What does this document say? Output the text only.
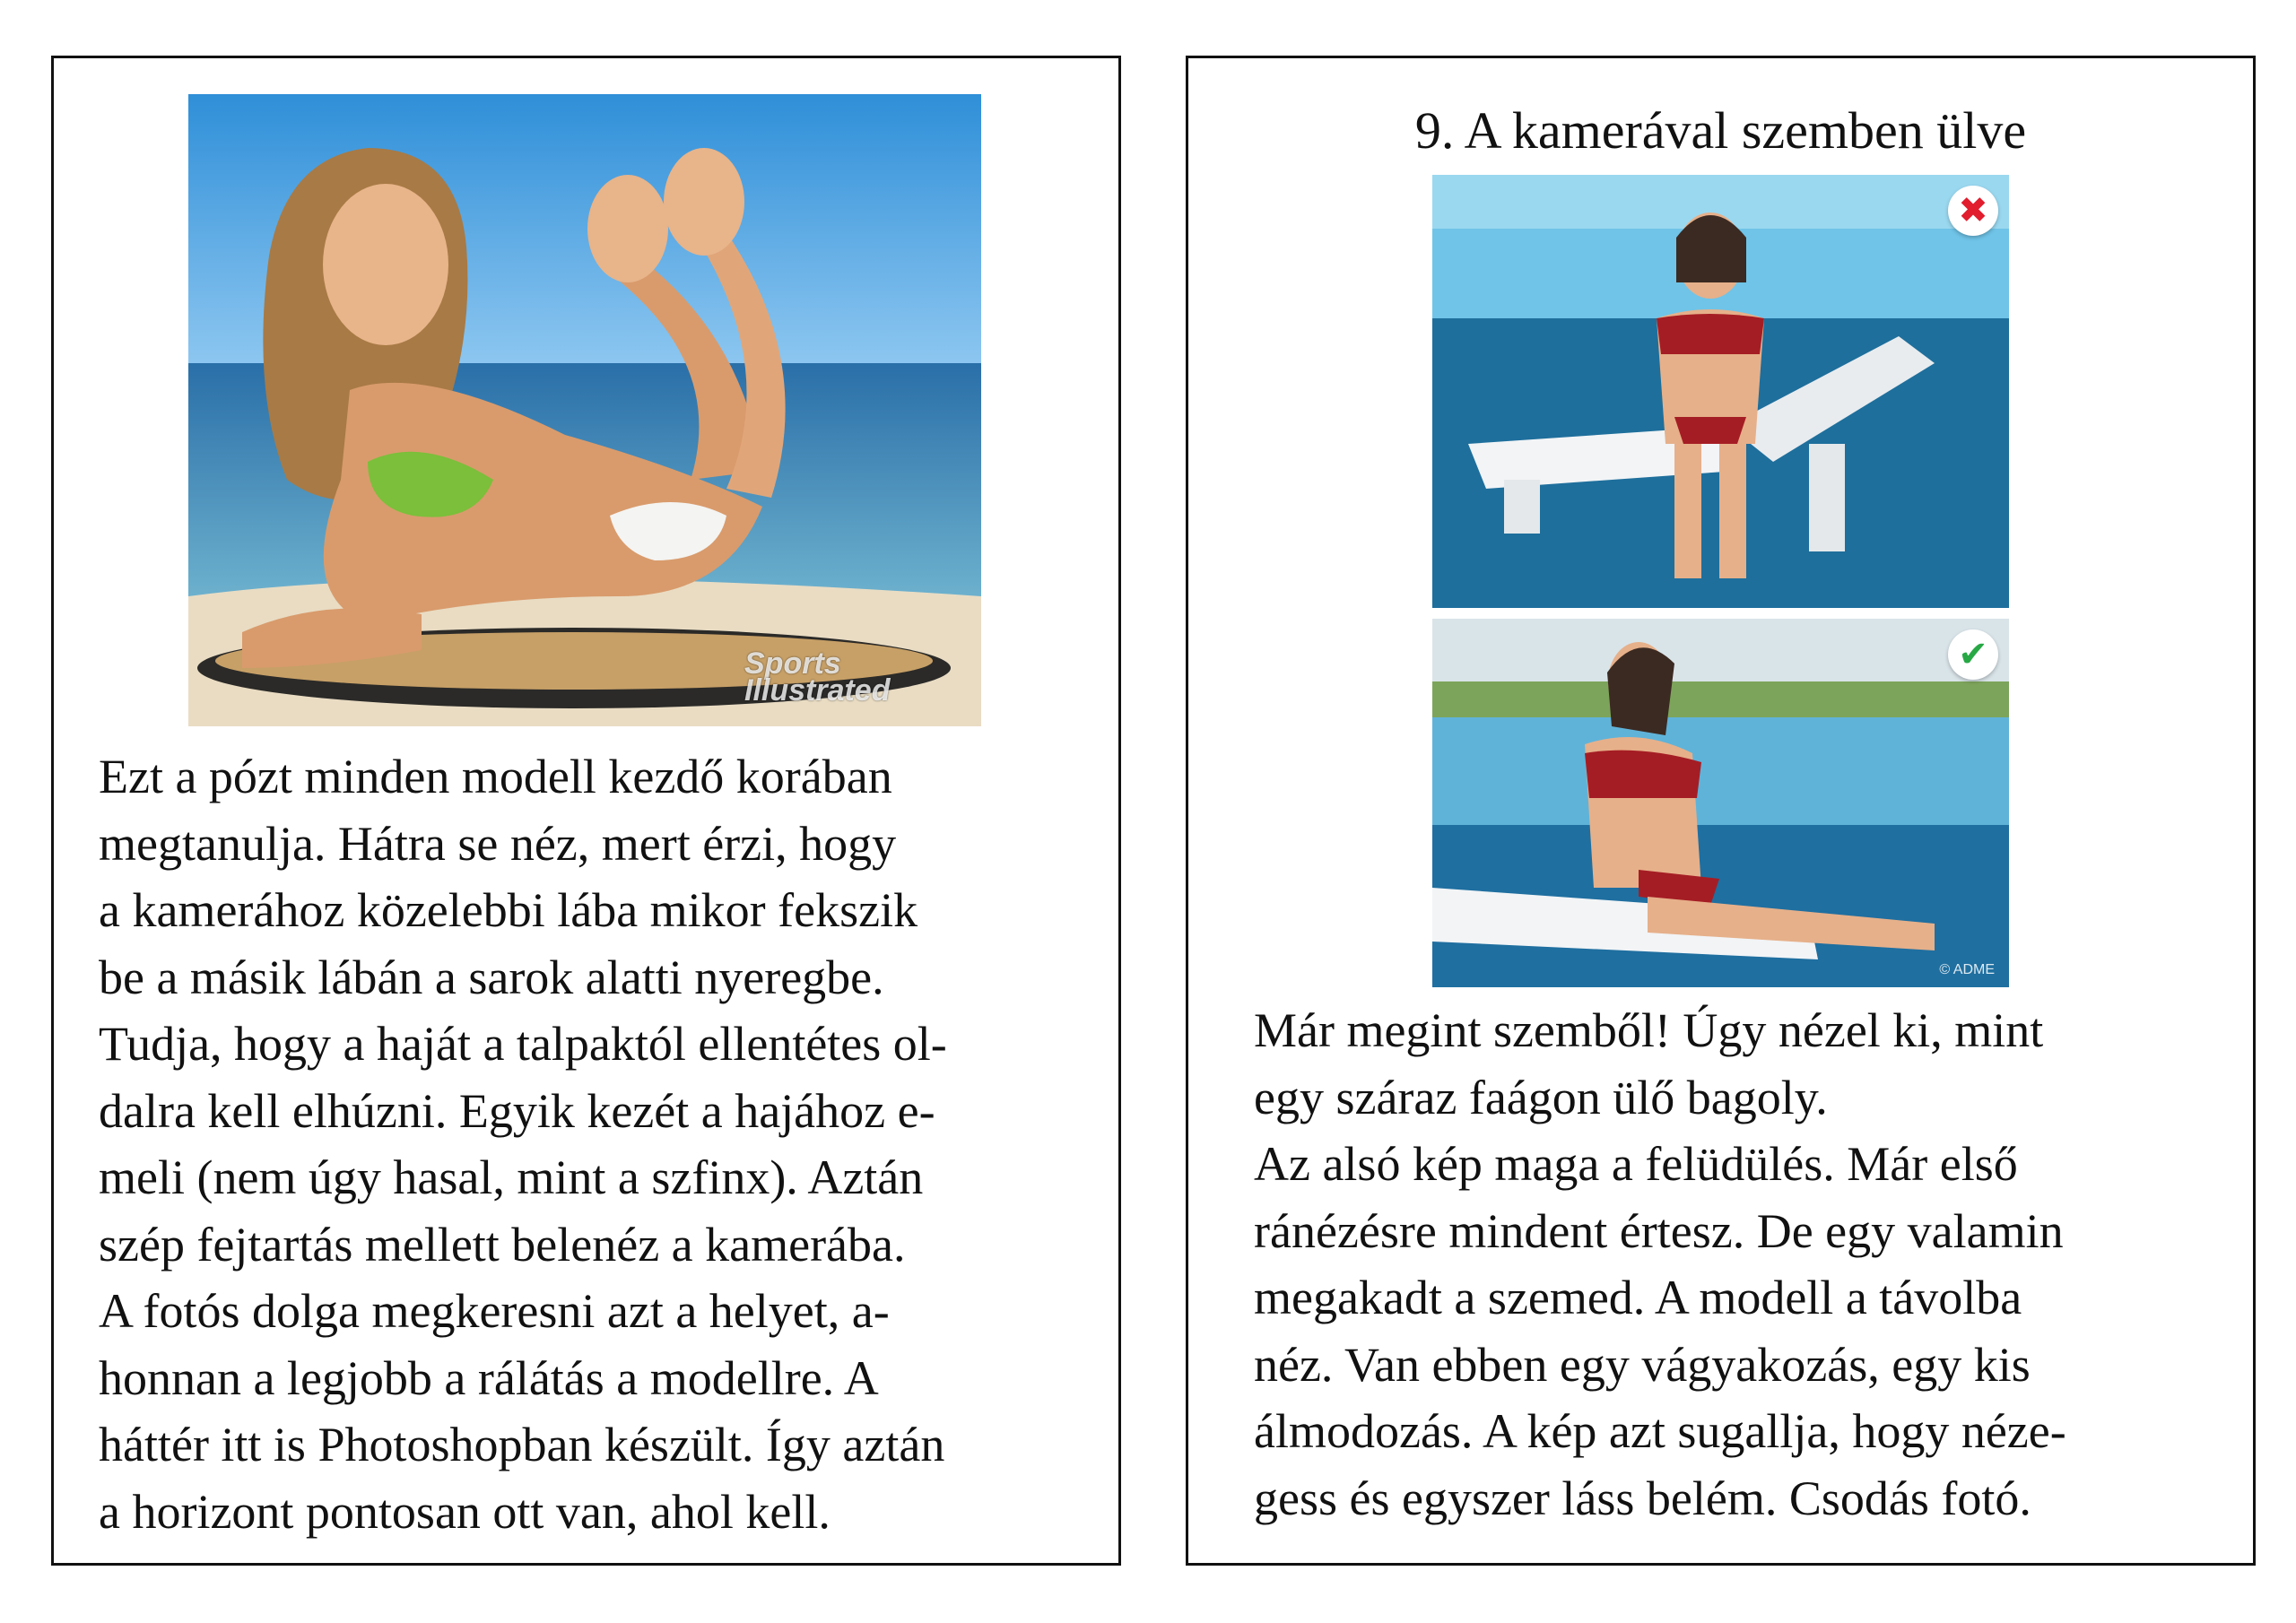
Sports
Illustrated

Ezt a pózt minden modell kezdő korában
megtanulja. Hátra se néz, mert érzi, hogy
a kamerához közelebbi lába mikor fekszik
be a másik lábán a sarok alatti nyeregbe.
Tudja, hogy a haját a talpaktól ellentétes ol-
dalra kell elhúzni. Egyik kezét a hajához e-
meli (nem úgy hasal, mint a szfinx). Aztán
szép fejtartás mellett belenéz a kamerába.
A fotós dolga megkeresni azt a helyet, a-
honnan a legjobb a rálátás a modellre. A
háttér itt is Photoshopban készült. Így aztán
a horizont pontosan ott van, ahol kell.

9. A kamerával szemben ülve
✖
✔
© ADME

Már megint szemből! Úgy nézel ki, mint
egy száraz faágon ülő bagoly.
Az alsó kép maga a felüdülés. Már első
ránézésre mindent értesz. De egy valamin
megakadt a szemed. A modell a távolba
néz. Van ebben egy vágyakozás, egy kis
álmodozás. A kép azt sugallja, hogy néze-
gess és egyszer láss belém. Csodás fotó.
